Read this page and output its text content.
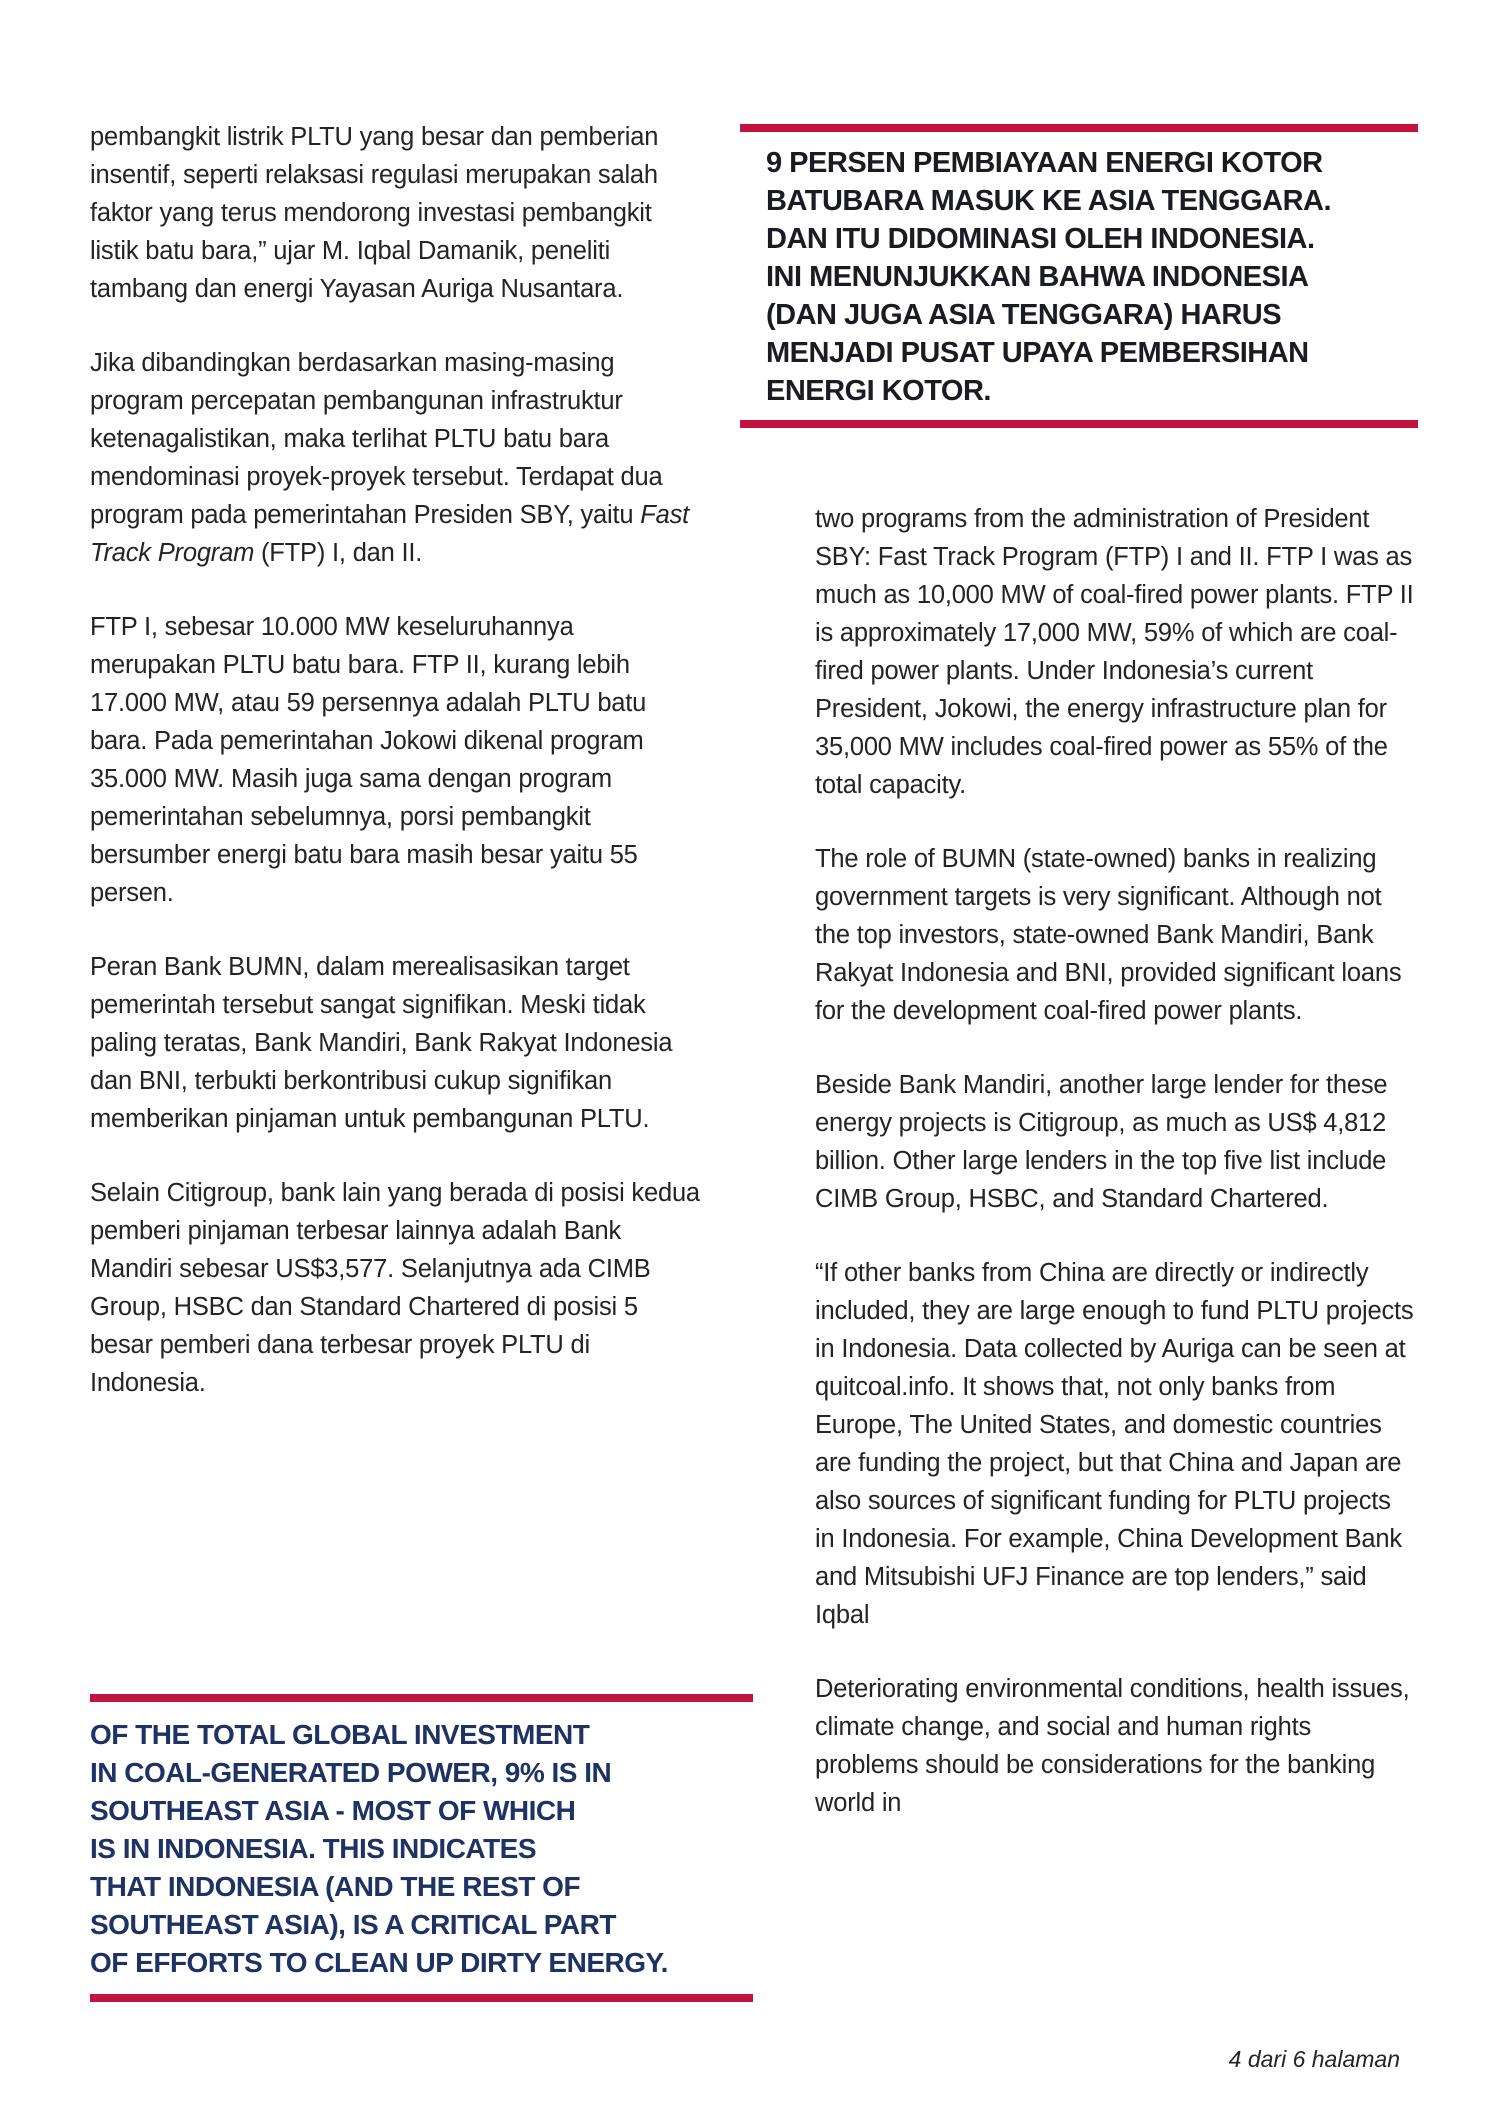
pembangkit listrik PLTU yang besar dan pemberian insentif, seperti relaksasi regulasi merupakan salah faktor yang terus mendorong investasi pembangkit listik batu bara,” ujar M. Iqbal Damanik, peneliti tambang dan energi Yayasan Auriga Nusantara.

Jika dibandingkan berdasarkan masing-masing program percepatan pembangunan infrastruktur ketenagalistikan, maka terlihat PLTU batu bara mendominasi proyek-proyek tersebut. Terdapat dua program pada pemerintahan Presiden SBY, yaitu Fast Track Program (FTP) I, dan II.

FTP I, sebesar 10.000 MW keseluruhannya merupakan PLTU batu bara. FTP II, kurang lebih 17.000 MW, atau 59 persennya adalah PLTU batu bara. Pada pemerintahan Jokowi dikenal program 35.000 MW. Masih juga sama dengan program pemerintahan sebelumnya, porsi pembangkit bersumber energi batu bara masih besar yaitu 55 persen.

Peran Bank BUMN, dalam merealisasikan target pemerintah tersebut sangat signifikan. Meski tidak paling teratas, Bank Mandiri, Bank Rakyat Indonesia dan BNI, terbukti berkontribusi cukup signifikan memberikan pinjaman untuk pembangunan PLTU.

Selain Citigroup, bank lain yang berada di posisi kedua pemberi pinjaman terbesar lainnya adalah Bank Mandiri sebesar US$3,577. Selanjutnya ada CIMB Group, HSBC dan Standard Chartered di posisi 5 besar pemberi dana terbesar proyek PLTU di Indonesia.

9 PERSEN PEMBIAYAAN ENERGI KOTOR
BATUBARA MASUK KE ASIA TENGGARA.
DAN ITU DIDOMINASI OLEH INDONESIA.
INI MENUNJUKKAN BAHWA INDONESIA
(DAN JUGA ASIA TENGGARA) HARUS
MENJADI PUSAT UPAYA PEMBERSIHAN
ENERGI KOTOR.

two programs from the administration of President SBY: Fast Track Program (FTP) I and II. FTP I was as much as 10,000 MW of coal-fired power plants. FTP II is approximately 17,000 MW, 59% of which are coal-fired power plants. Under Indonesia’s current President, Jokowi, the energy infrastructure plan for 35,000 MW includes coal-fired power as 55% of the total capacity.

The role of BUMN (state-owned) banks in realizing government targets is very significant. Although not the top investors, state-owned Bank Mandiri, Bank Rakyat Indonesia and BNI, provided significant loans for the development coal-fired power plants.

Beside Bank Mandiri, another large lender for these energy projects is Citigroup, as much as US$ 4,812 billion. Other large lenders in the top five list include CIMB Group, HSBC, and Standard Chartered.

“If other banks from China are directly or indirectly included, they are large enough to fund PLTU projects in Indonesia. Data collected by Auriga can be seen at quitcoal.info. It shows that, not only banks from Europe, The United States, and domestic countries are funding the project, but that China and Japan are also sources of significant funding for PLTU projects in Indonesia. For example, China Development Bank and Mitsubishi UFJ Finance are top lenders,” said Iqbal

Deteriorating environmental conditions, health issues, climate change, and social and human rights problems should be considerations for the banking world in

OF THE TOTAL GLOBAL INVESTMENT
IN COAL-GENERATED POWER, 9% IS IN
SOUTHEAST ASIA - MOST OF WHICH
IS IN INDONESIA. THIS INDICATES
THAT INDONESIA (AND THE REST OF
SOUTHEAST ASIA), IS A CRITICAL PART
OF EFFORTS TO CLEAN UP DIRTY ENERGY.
4 dari 6 halaman
